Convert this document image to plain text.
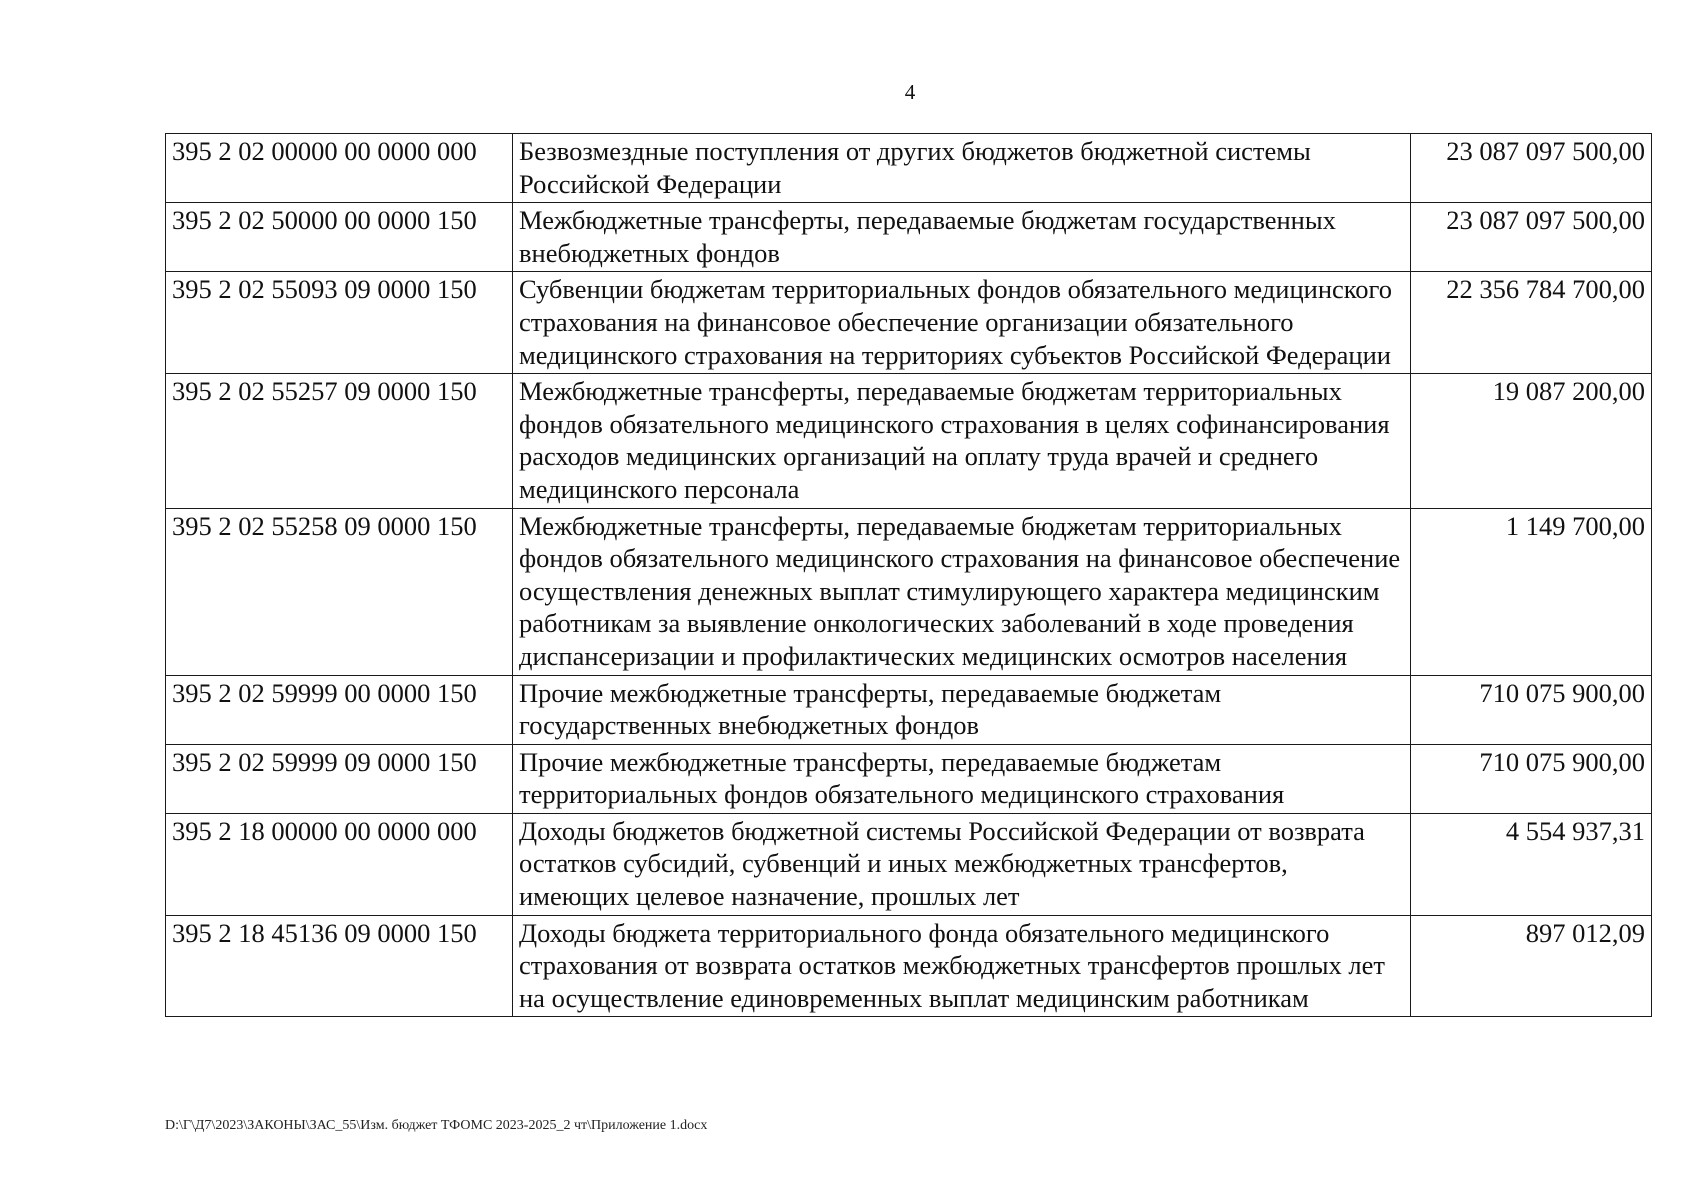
4
395 2 02 00000 00 0000 000	Безвозмездные поступления от других бюджетов бюджетной системы Российской Федерации	23 087 097 500,00
395 2 02 50000 00 0000 150	Межбюджетные трансферты, передаваемые бюджетам государственных внебюджетных фондов	23 087 097 500,00
395 2 02 55093 09 0000 150	Субвенции бюджетам территориальных фондов обязательного медицинского страхования на финансовое обеспечение организации обязательного медицинского страхования на территориях субъектов Российской Федерации	22 356 784 700,00
395 2 02 55257 09 0000 150	Межбюджетные трансферты, передаваемые бюджетам территориальных фондов обязательного медицинского страхования в целях софинансирования расходов медицинских организаций на оплату труда врачей и среднего медицинского персонала	19 087 200,00
395 2 02 55258 09 0000 150	Межбюджетные трансферты, передаваемые бюджетам территориальных фондов обязательного медицинского страхования на финансовое обеспечение осуществления денежных выплат стимулирующего характера медицинским работникам за выявление онкологических заболеваний в ходе проведения диспансеризации и профилактических медицинских осмотров населения	1 149 700,00
395 2 02 59999 00 0000 150	Прочие межбюджетные трансферты, передаваемые бюджетам государственных внебюджетных фондов	710 075 900,00
395 2 02 59999 09 0000 150	Прочие межбюджетные трансферты, передаваемые бюджетам территориальных фондов обязательного медицинского страхования	710 075 900,00
395 2 18 00000 00 0000 000	Доходы бюджетов бюджетной системы Российской Федерации от возврата остатков субсидий, субвенций и иных межбюджетных трансфертов, имеющих целевое назначение, прошлых лет	4 554 937,31
395 2 18 45136 09 0000 150	Доходы бюджета территориального фонда обязательного медицинского страхования от возврата остатков межбюджетных трансфертов прошлых лет на осуществление единовременных выплат медицинским работникам	897 012,09
D:\Г\Д7\2023\ЗАКОНЫ\ЗАС_55\Изм. бюджет ТФОМС 2023-2025_2 чт\Приложение 1.docx
